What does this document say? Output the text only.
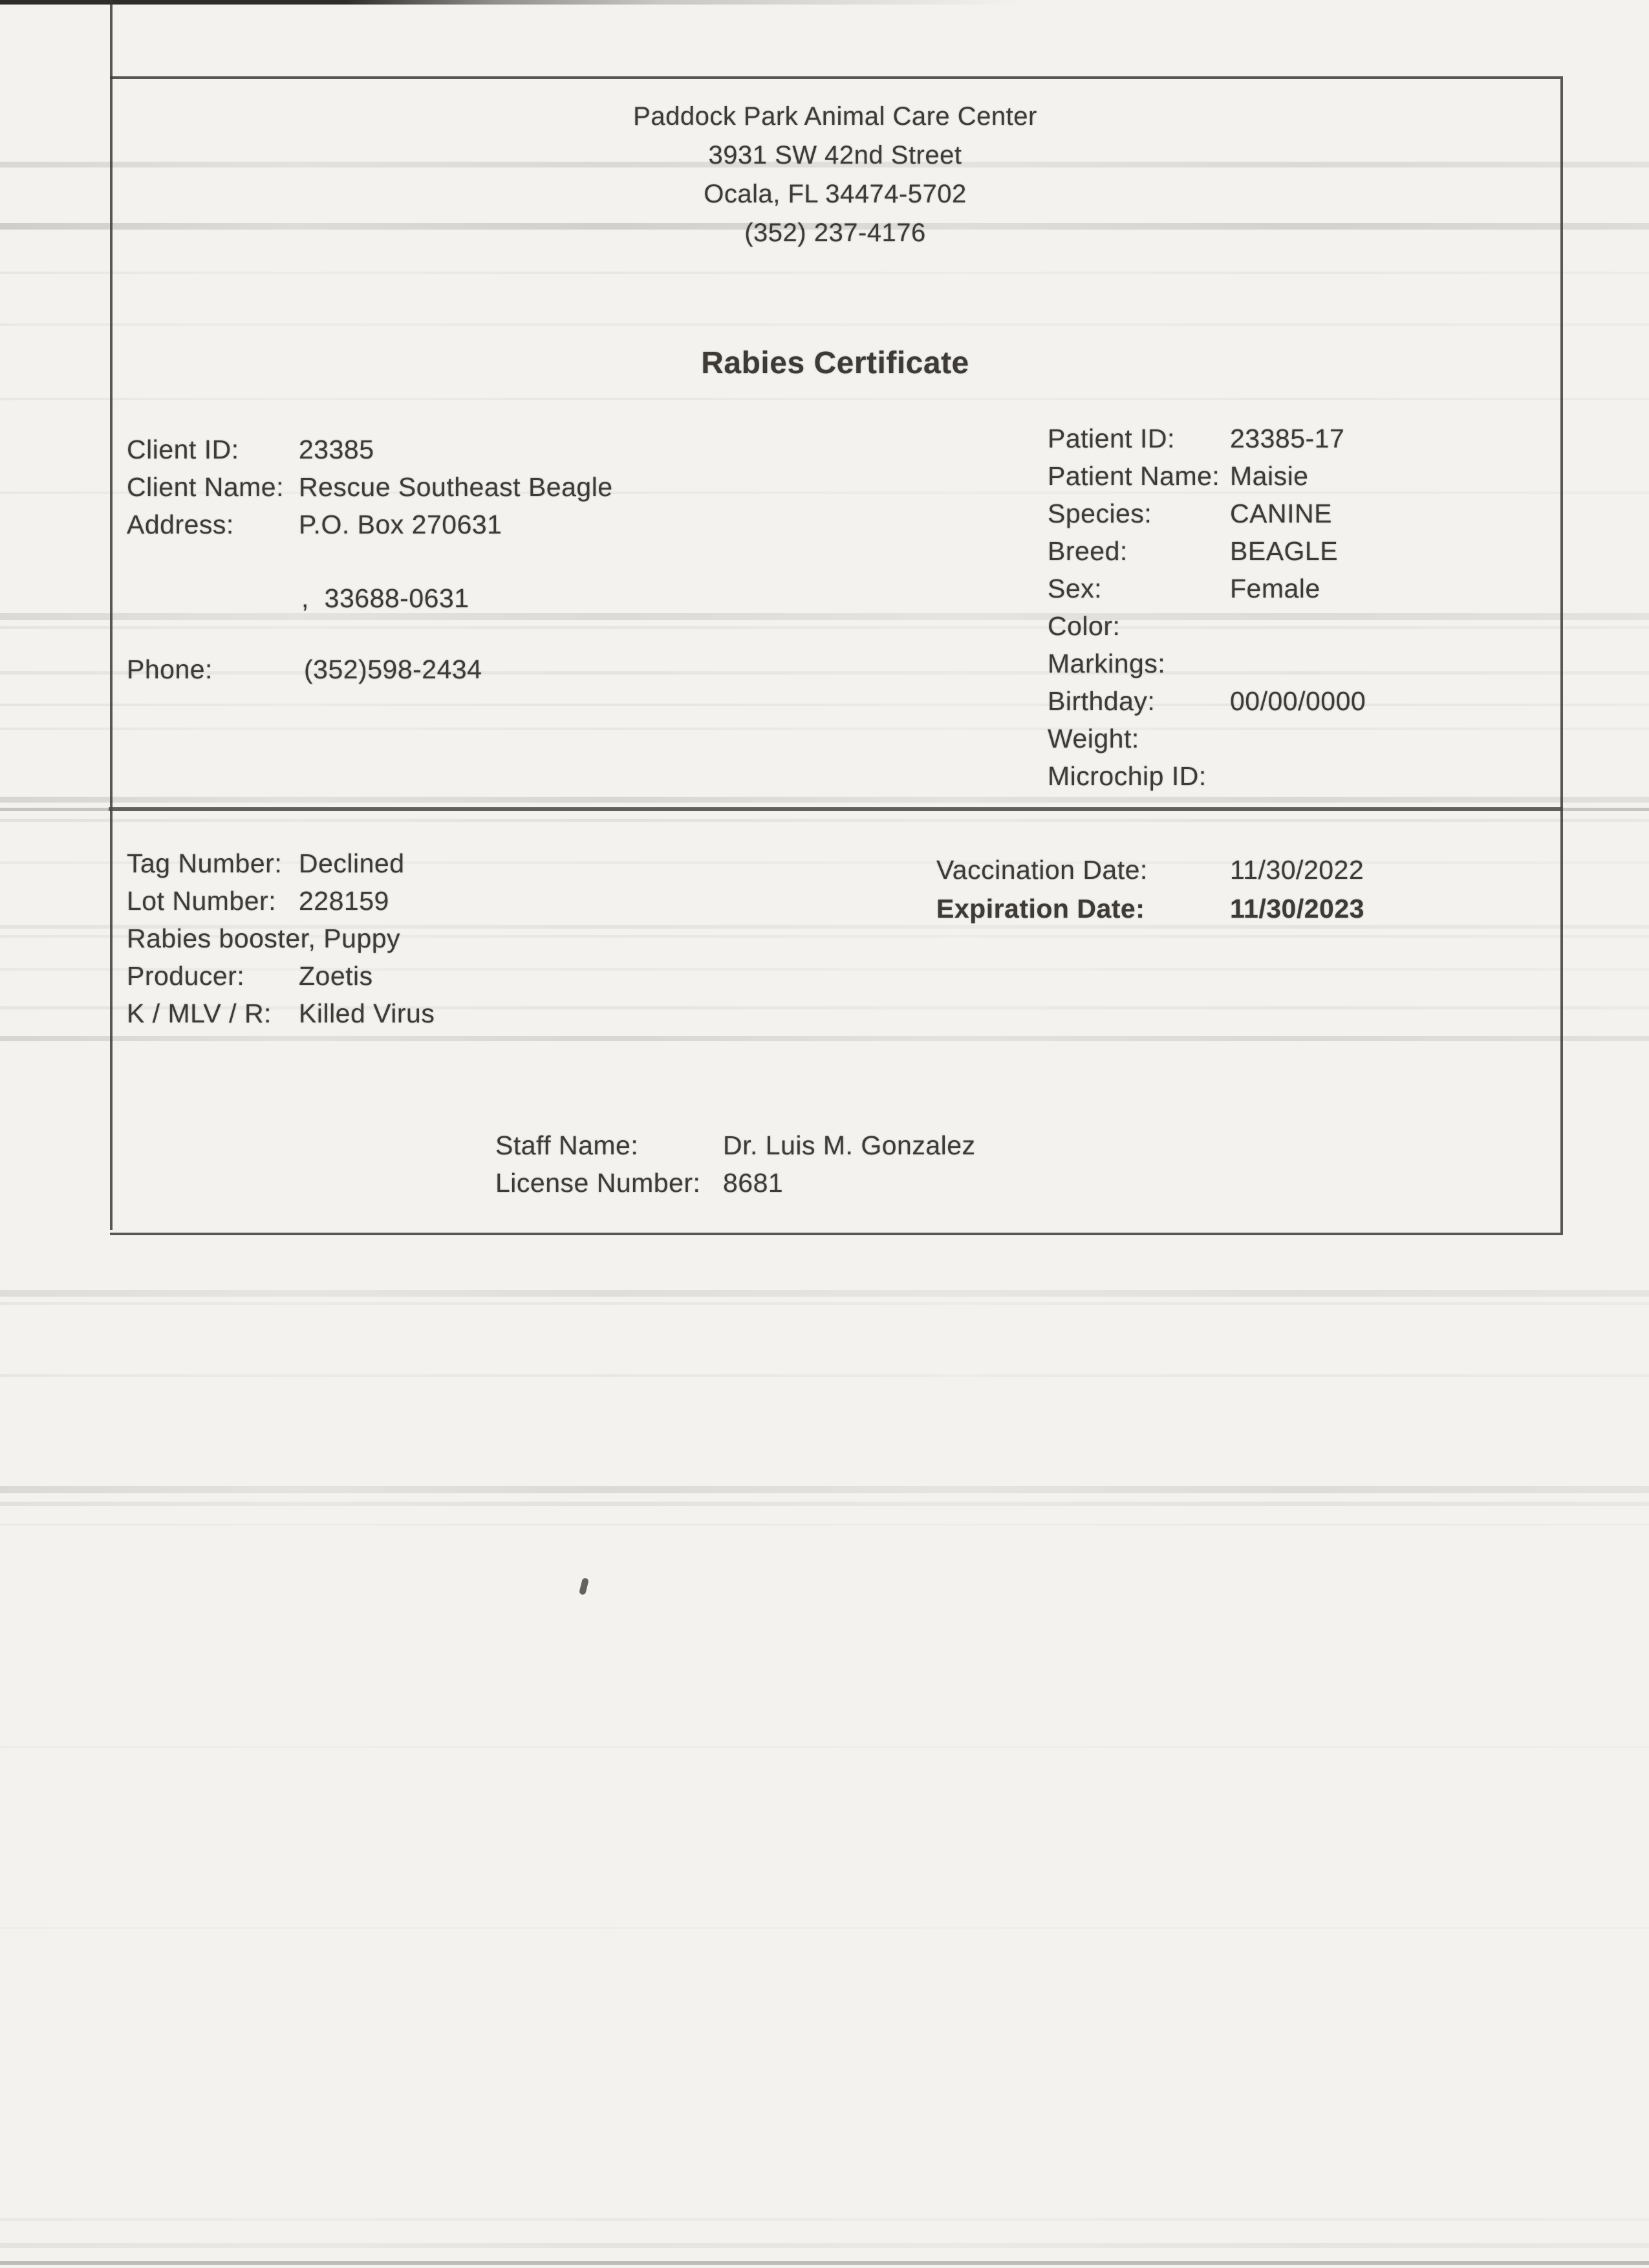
Paddock Park Animal Care Center
3931 SW 42nd Street
Ocala, FL 34474-5702
(352) 237-4176
Rabies Certificate
Client ID: 23385
Client Name: Rescue Southeast Beagle
Address: P.O. Box 270631
,  33688-0631
Phone:	(352)598-2434
Patient ID: 23385-17
Patient Name: Maisie
Species:	CANINE
Breed:	BEAGLE
Sex:	Female
Color:
Markings:
Birthday:	00/00/0000
Weight:
Microchip ID:
Tag Number: Declined
Lot Number: 228159
Rabies booster, Puppy
Producer: Zoetis
K / MLV / R: Killed Virus
Vaccination Date:	11/30/2022
Expiration Date:	11/30/2023
Staff Name:	Dr. Luis M. Gonzalez
License Number: 8681
